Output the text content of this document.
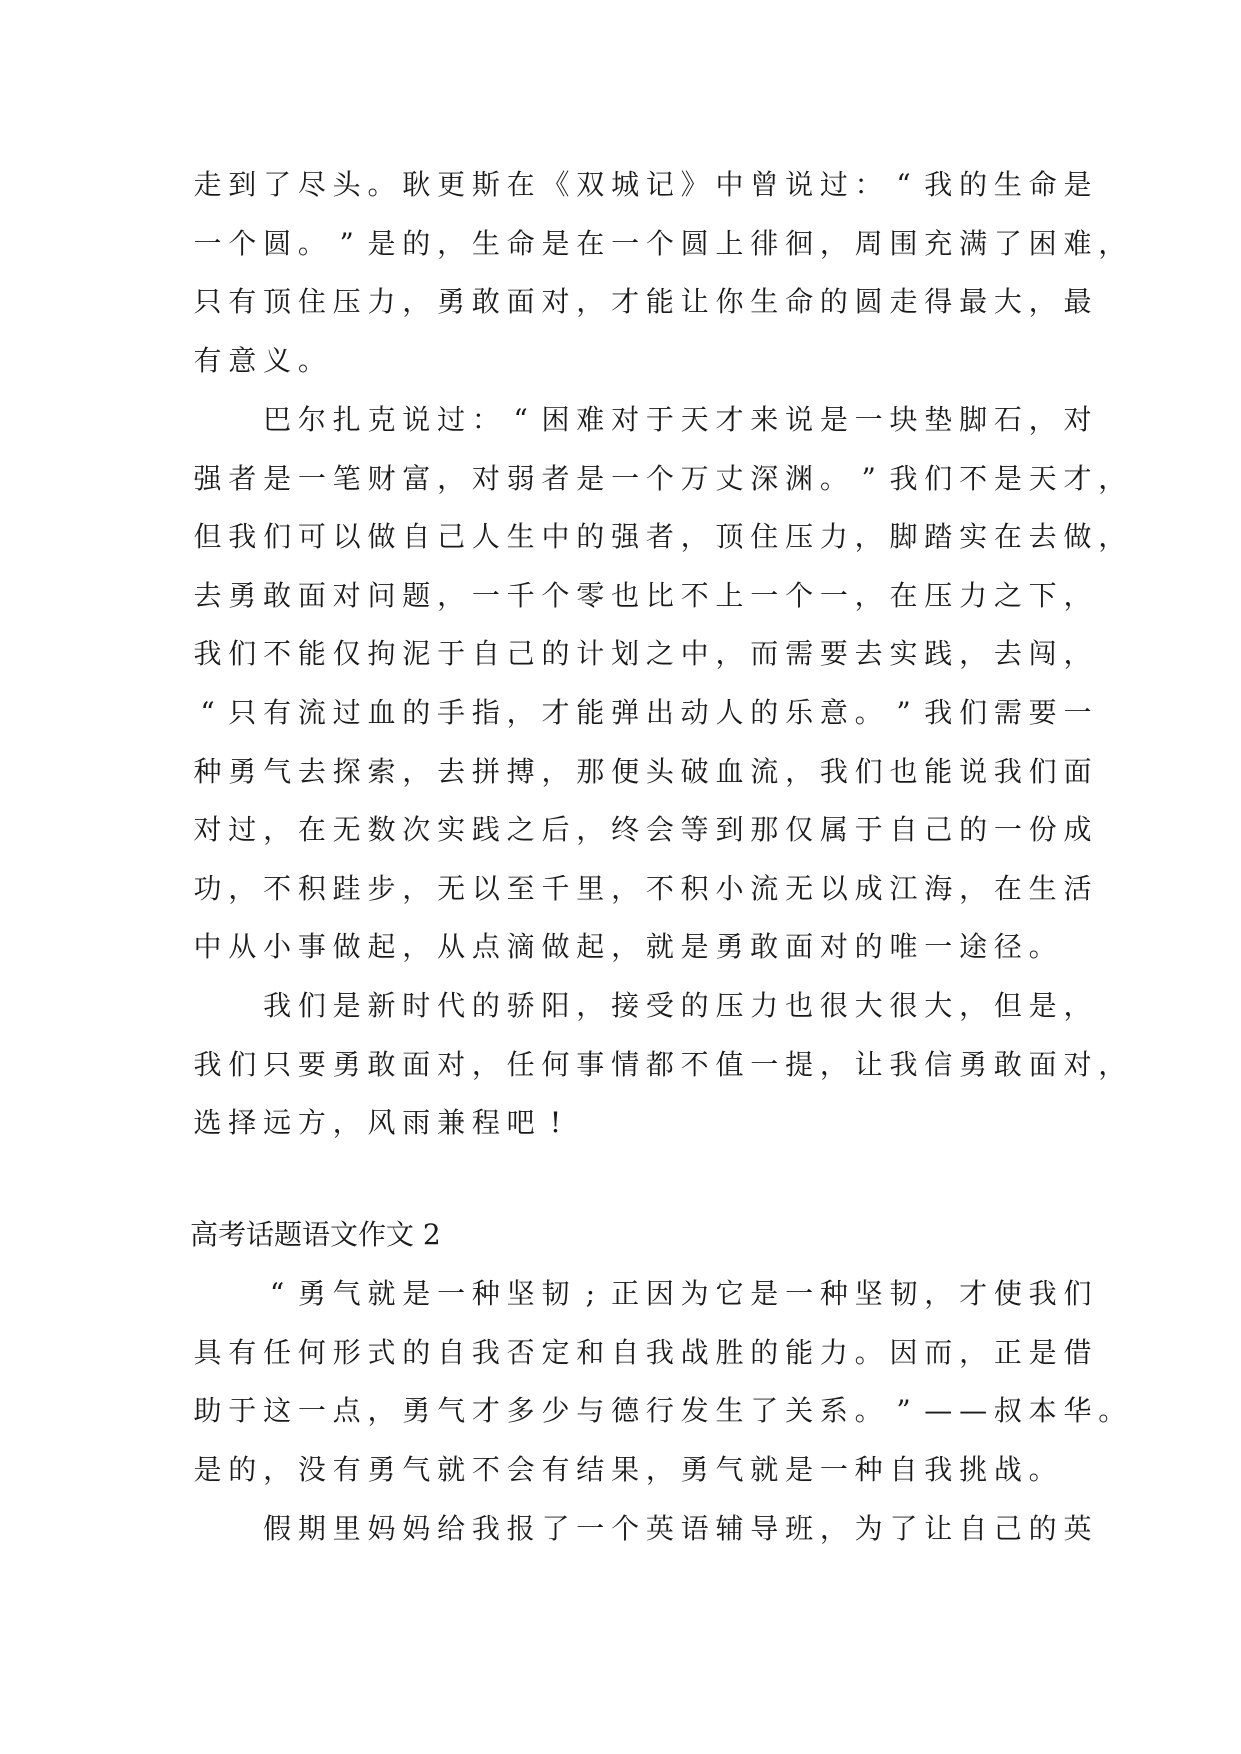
走 到 了 尽 头 。 耿 更 斯 在 《 双 城 记 》 中 曾 说 过 ： “ 我 的 生 命 是
一 个 圆 。 ” 是 的 ， 生 命 是 在 一 个 圆 上 徘 徊 ， 周 围 充 满 了 困 难 ，
只 有 顶 住 压 力 ， 勇 敢 面 对 ， 才 能 让 你 生 命 的 圆 走 得 最 大 ， 最
有 意 义 。

巴 尔 扎 克 说 过 ： “ 困 难 对 于 天 才 来 说 是 一 块 垫 脚 石 ， 对
强 者 是 一 笔 财 富 ， 对 弱 者 是 一 个 万 丈 深 渊 。 ” 我 们 不 是 天 才 ，
但 我 们 可 以 做 自 己 人 生 中 的 强 者 ， 顶 住 压 力 ， 脚 踏 实 在 去 做 ，
去 勇 敢 面 对 问 题 ， 一 千 个 零 也 比 不 上 一 个 一 ， 在 压 力 之 下 ，
我 们 不 能 仅 拘 泥 于 自 己 的 计 划 之 中 ， 而 需 要 去 实 践 ， 去 闯 ，
“ 只 有 流 过 血 的 手 指 ， 才 能 弹 出 动 人 的 乐 意 。 ” 我 们 需 要 一
种 勇 气 去 探 索 ， 去 拼 搏 ， 那 便 头 破 血 流 ， 我 们 也 能 说 我 们 面
对 过 ， 在 无 数 次 实 践 之 后 ， 终 会 等 到 那 仅 属 于 自 己 的 一 份 成
功 ， 不 积 跬 步 ， 无 以 至 千 里 ， 不 积 小 流 无 以 成 江 海 ， 在 生 活
中 从 小 事 做 起 ， 从 点 滴 做 起 ， 就 是 勇 敢 面 对 的 唯 一 途 径 。

我 们 是 新 时 代 的 骄 阳 ， 接 受 的 压 力 也 很 大 很 大 ， 但 是 ，
我 们 只 要 勇 敢 面 对 ， 任 何 事 情 都 不 值 一 提 ， 让 我 信 勇 敢 面 对 ，
选 择 远 方 ， 风 雨 兼 程 吧 !
高考话题语文作文 2

“ 勇 气 就 是 一 种 坚 韧 ; 正 因 为 它 是 一 种 坚 韧 ， 才 使 我 们
具 有 任 何 形 式 的 自 我 否 定 和 自 我 战 胜 的 能 力 。 因 而 ， 正 是 借
助 于 这 一 点 ， 勇 气 才 多 少 与 德 行 发 生 了 关 系 。 ” — — 叔 本 华 。
是 的 ， 没 有 勇 气 就 不 会 有 结 果 ， 勇 气 就 是 一 种 自 我 挑 战 。

假 期 里 妈 妈 给 我 报 了 一 个 英 语 辅 导 班 ， 为 了 让 自 己 的 英
